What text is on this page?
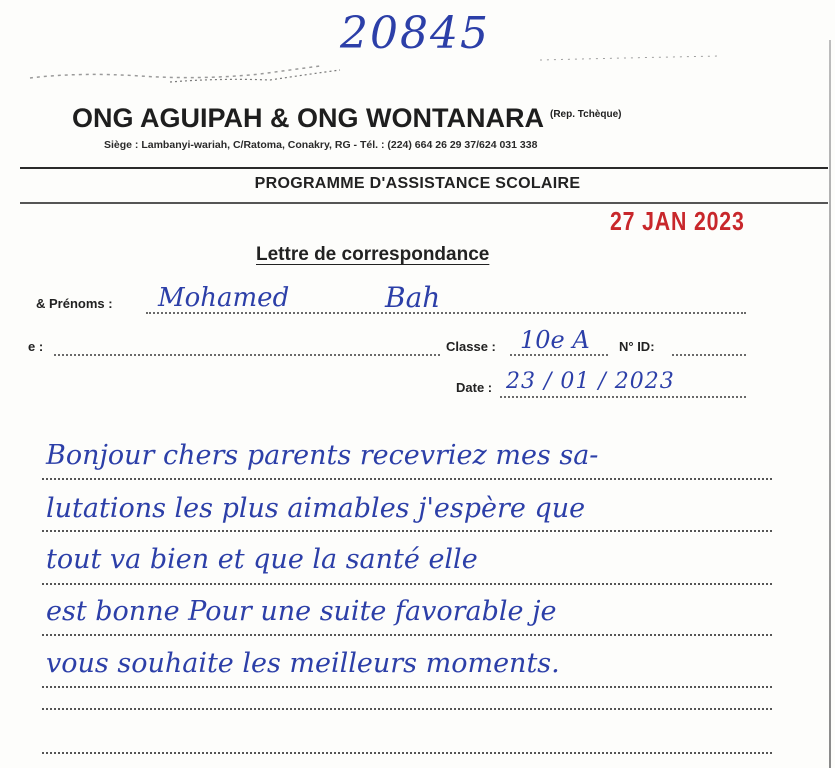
20845
ONG AGUIPAH & ONG WONTANARA $^{(Rep. Tchèque)}$
Siège : Lambanyi-wariah, C/Ratoma, Conakry, RG - Tél. : (224) 664 26 29 37/624 031 338
PROGRAMME D'ASSISTANCE SCOLAIRE
27 JAN 2023
Lettre de correspondance
& Prénoms : Mohamed	Bah
e :	Classe : 10e A N° ID:
Date : 23 / 01 / 2023
Bonjour chers parents recevriez mes sa-
lutations les plus aimables j'espère que
tout va bien et que la santé elle
est bonne Pour une suite favorable je
vous souhaite les meilleurs moments.
